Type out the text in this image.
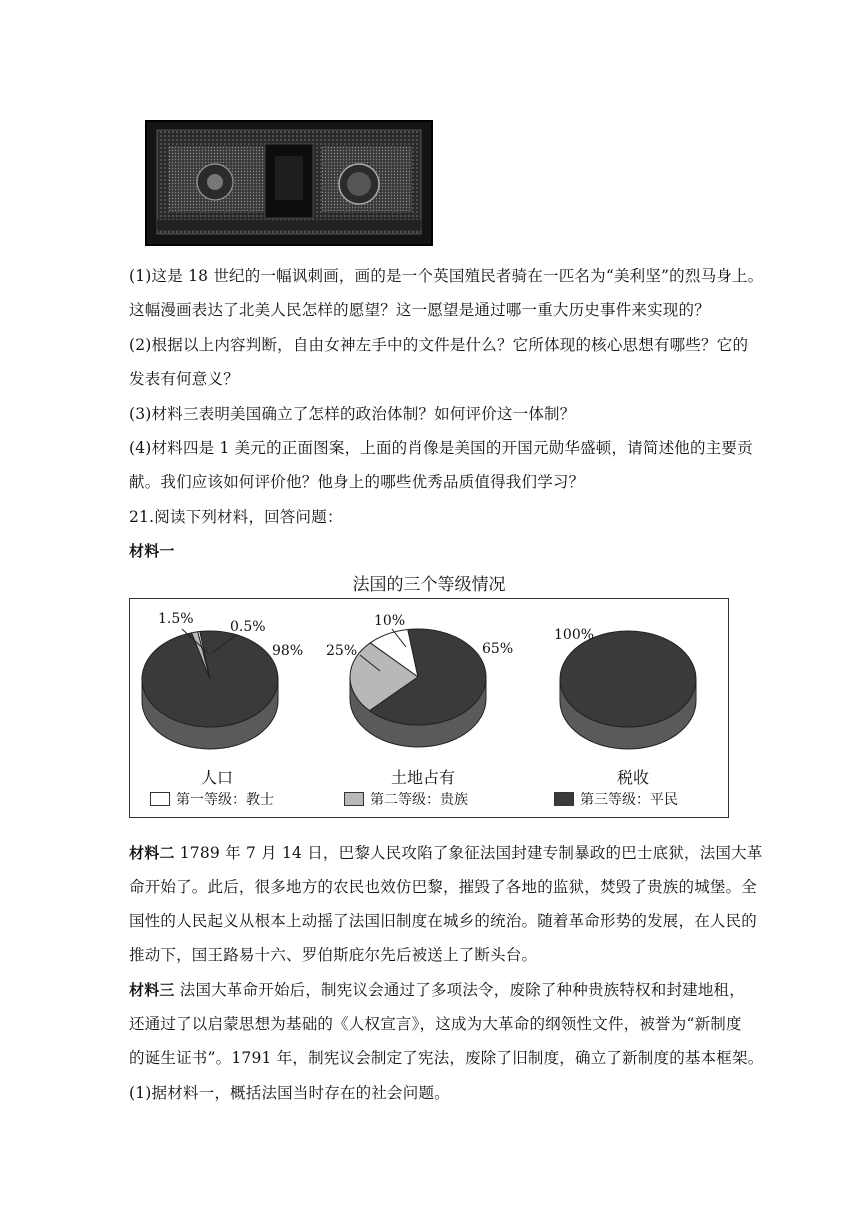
(1)这是 18 世纪的一幅讽刺画，画的是一个英国殖民者骑在一匹名为“美利坚”的烈马身上。
这幅漫画表达了北美人民怎样的愿望？这一愿望是通过哪一重大历史事件来实现的？
(2)根据以上内容判断，自由女神左手中的文件是什么？它所体现的核心思想有哪些？它的
发表有何意义？
(3)材料三表明美国确立了怎样的政治体制？如何评价这一体制？
(4)材料四是 1 美元的正面图案，上面的肖像是美国的开国元勋华盛顿，请简述他的主要贡
献。我们应该如何评价他？他身上的哪些优秀品质值得我们学习？
21.阅读下列材料，回答问题：
材料一
法国的三个等级情况
1.5%	0.5%
98% 25%
10%
65%
100%
人口	土地占有	税收
第一等级：教士	第二等级：贵族	第三等级：平民
材料二 1789 年 7 月 14 日，巴黎人民攻陷了象征法国封建专制暴政的巴士底狱，法国大革
命开始了。此后，很多地方的农民也效仿巴黎，摧毁了各地的监狱，焚毁了贵族的城堡。全
国性的人民起义从根本上动摇了法国旧制度在城乡的统治。随着革命形势的发展，在人民的
推动下，国王路易十六、罗伯斯庇尔先后被送上了断头台。
材料三 法国大革命开始后，制宪议会通过了多项法令，废除了种种贵族特权和封建地租，
还通过了以启蒙思想为基础的《人权宣言》，这成为大革命的纲领性文件，被誉为“新制度
的诞生证书”。1791 年，制宪议会制定了宪法，废除了旧制度，确立了新制度的基本框架。
(1)据材料一，概括法国当时存在的社会问题。
